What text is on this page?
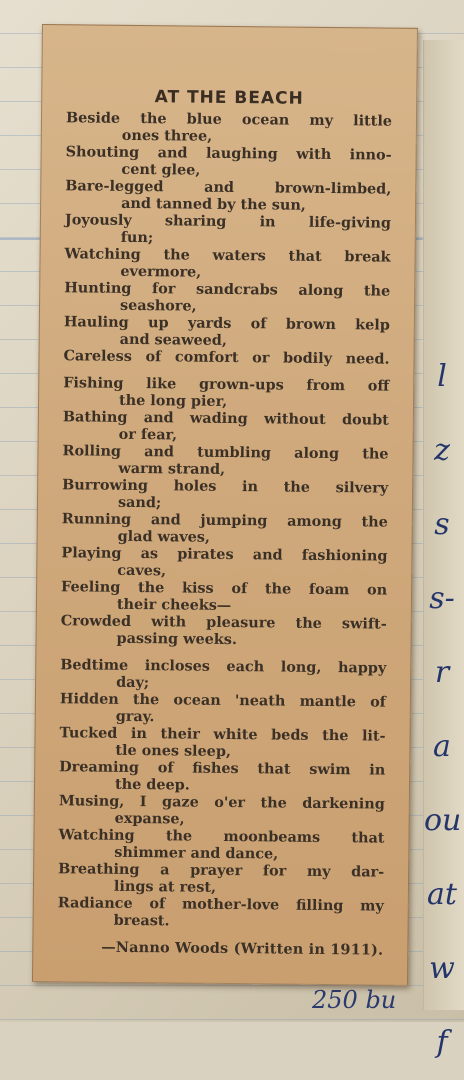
l
z
s
s-
r
a
ou
at
w
f
250 bu
AT THE BEACH
Beside the blue ocean my little
ones three,
Shouting and laughing with inno-
cent glee,
Bare-legged and brown-limbed,
and tanned by the sun,
Joyously sharing in life-giving
fun;
Watching the waters that break
evermore,
Hunting for sandcrabs along the
seashore,
Hauling up yards of brown kelp
and seaweed,
Careless of comfort or bodily need.
Fishing like grown-ups from off
the long pier,
Bathing and wading without doubt
or fear,
Rolling and tumbling along the
warm strand,
Burrowing holes in the silvery
sand;
Running and jumping among the
glad waves,
Playing as pirates and fashioning
caves,
Feeling the kiss of the foam on
their cheeks—
Crowded with pleasure the swift-
passing weeks.
Bedtime incloses each long, happy
day;
Hidden the ocean 'neath mantle of
gray.
Tucked in their white beds the lit-
tle ones sleep,
Dreaming of fishes that swim in
the deep.
Musing, I gaze o'er the darkening
expanse,
Watching the moonbeams that
shimmer and dance,
Breathing a prayer for my dar-
lings at rest,
Radiance of mother-love filling my
breast.
—Nanno Woods (Written in 1911).
